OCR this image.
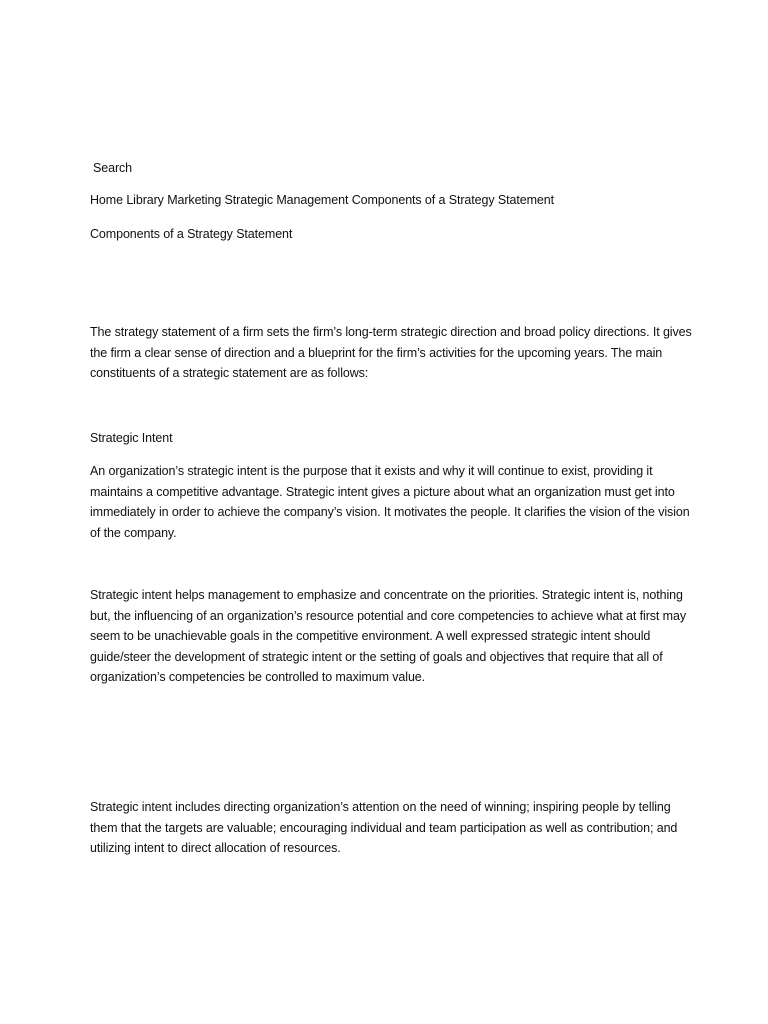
Search
Home Library Marketing Strategic Management Components of a Strategy Statement
Components of a Strategy Statement
The strategy statement of a firm sets the firm’s long-term strategic direction and broad policy directions. It gives the firm a clear sense of direction and a blueprint for the firm’s activities for the upcoming years. The main constituents of a strategic statement are as follows:
Strategic Intent
An organization’s strategic intent is the purpose that it exists and why it will continue to exist, providing it maintains a competitive advantage. Strategic intent gives a picture about what an organization must get into immediately in order to achieve the company’s vision. It motivates the people. It clarifies the vision of the vision of the company.
Strategic intent helps management to emphasize and concentrate on the priorities. Strategic intent is, nothing but, the influencing of an organization’s resource potential and core competencies to achieve what at first may seem to be unachievable goals in the competitive environment. A well expressed strategic intent should guide/steer the development of strategic intent or the setting of goals and objectives that require that all of organization’s competencies be controlled to maximum value.
Strategic intent includes directing organization’s attention on the need of winning; inspiring people by telling them that the targets are valuable; encouraging individual and team participation as well as contribution; and utilizing intent to direct allocation of resources.
